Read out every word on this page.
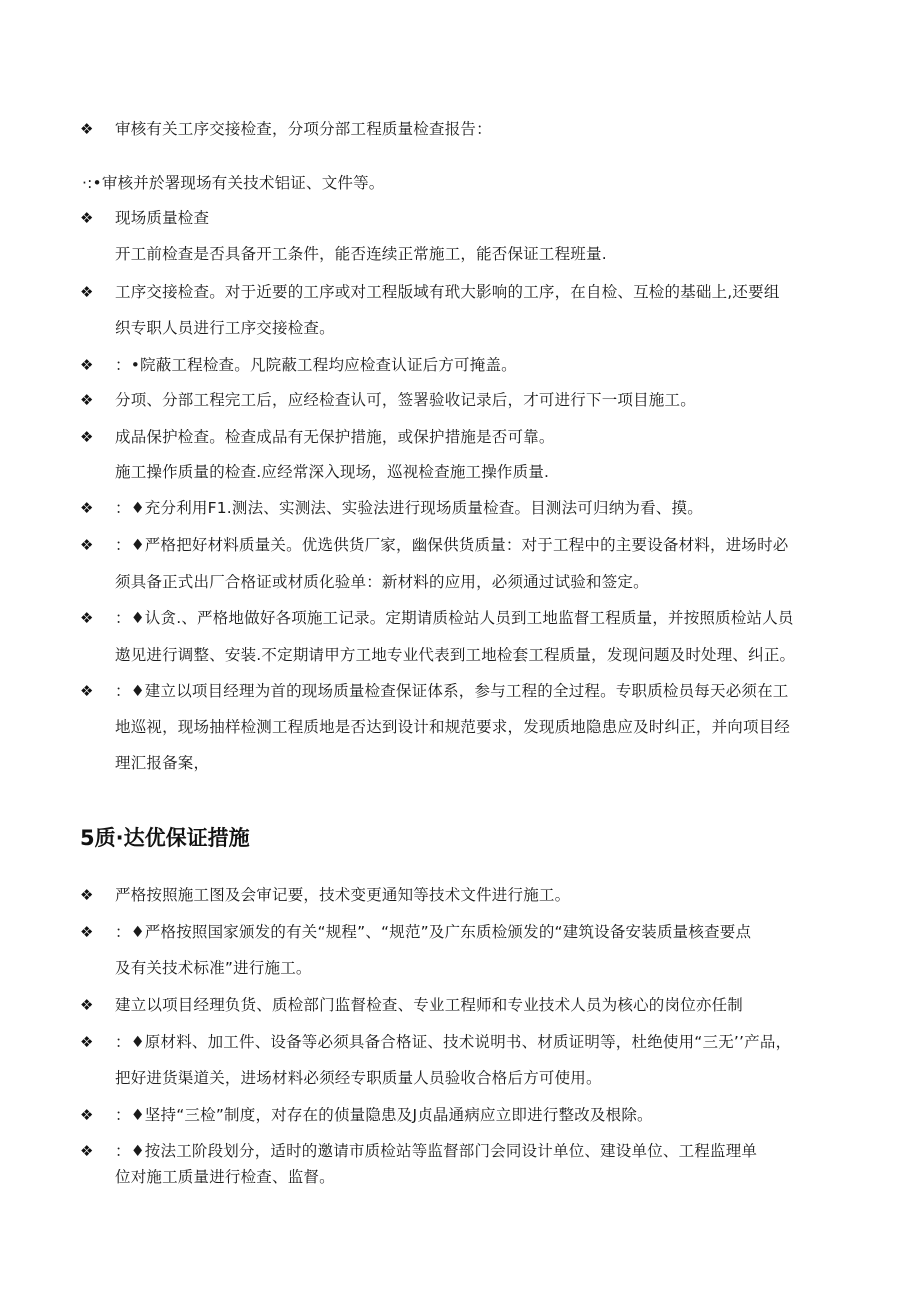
❖
❖
❖
❖
❖
❖
❖
❖
❖
❖
❖
❖
❖
❖
❖
❖
审核有关工序交接检查，分项分部工程质量检查报告：
·:•审核并於署现场有关技术铝证、文件等。
现场质量检查
开工前检查是否具备开工条件，能否连续正常施工，能否保证工程班量.
工序交接检查。对于近要的工序或对工程版域有玳大影响的工序，在自检、互检的基础上,还要组
织专职人员进行工序交接检查。
：•院蔽工程检查。凡院蔽工程均应检查认证后方可掩盖。
分项、分部工程完工后，应经检查认可，签署验收记录后，才可进行下一项目施工。
成品保护检查。检查成品有无保护措施，或保护措施是否可靠。
施工操作质量的检查.应经常深入现场，巡视检查施工操作质量.
：♦充分利用F1.测法、实测法、实验法进行现场质量检查。目测法可归纳为看、摸。
：♦严格把好材料质量关。优选供货厂家，幽保供货质量：对于工程中的主要设备材料，进场时必
须具备正式出厂合格证或材质化验单：新材料的应用，必须通过试验和签定。
：♦认贪.、严格地做好各项施工记录。定期请质检站人员到工地监督工程质量，并按照质检站人员
遨见进行调整、安装.不定期请甲方工地专业代表到工地检套工程质量，发现问题及时处理、纠正。
：♦建立以项目经理为首的现场质量检查保证体系，参与工程的全过程。专职质检员每天必须在工
地巡视，现场抽样检测工程质地是否达到设计和规范要求，发现质地隐患应及时纠正，并向项目经
理汇报备案，
5质·达优保证措施
严格按照施工图及会审记要，技术变更通知等技术文件进行施工。
：♦严格按照国家颁发的有关“规程”、“规范”及广东质检颁发的“建筑设备安装质量核查要点
及有关技术标准”进行施工。
建立以项目经理负货、质检部门监督检查、专业工程师和专业技术人员为核心的岗位亦任制
：♦原材料、加工件、设备等必须具备合格证、技术说明书、材质证明等，杜绝使用“三无’’产品，
把好进货渠道关，进场材料必须经专职质量人员验收合格后方可使用。
：♦坚持“三检”制度，对存在的侦量隐患及J贞晶通病应立即进行整改及根除。
：♦按法工阶段划分，适时的邀请市质检站等监督部门会同设计单位、建设单位、工程监理单
位对施工质量进行检查、监督。
